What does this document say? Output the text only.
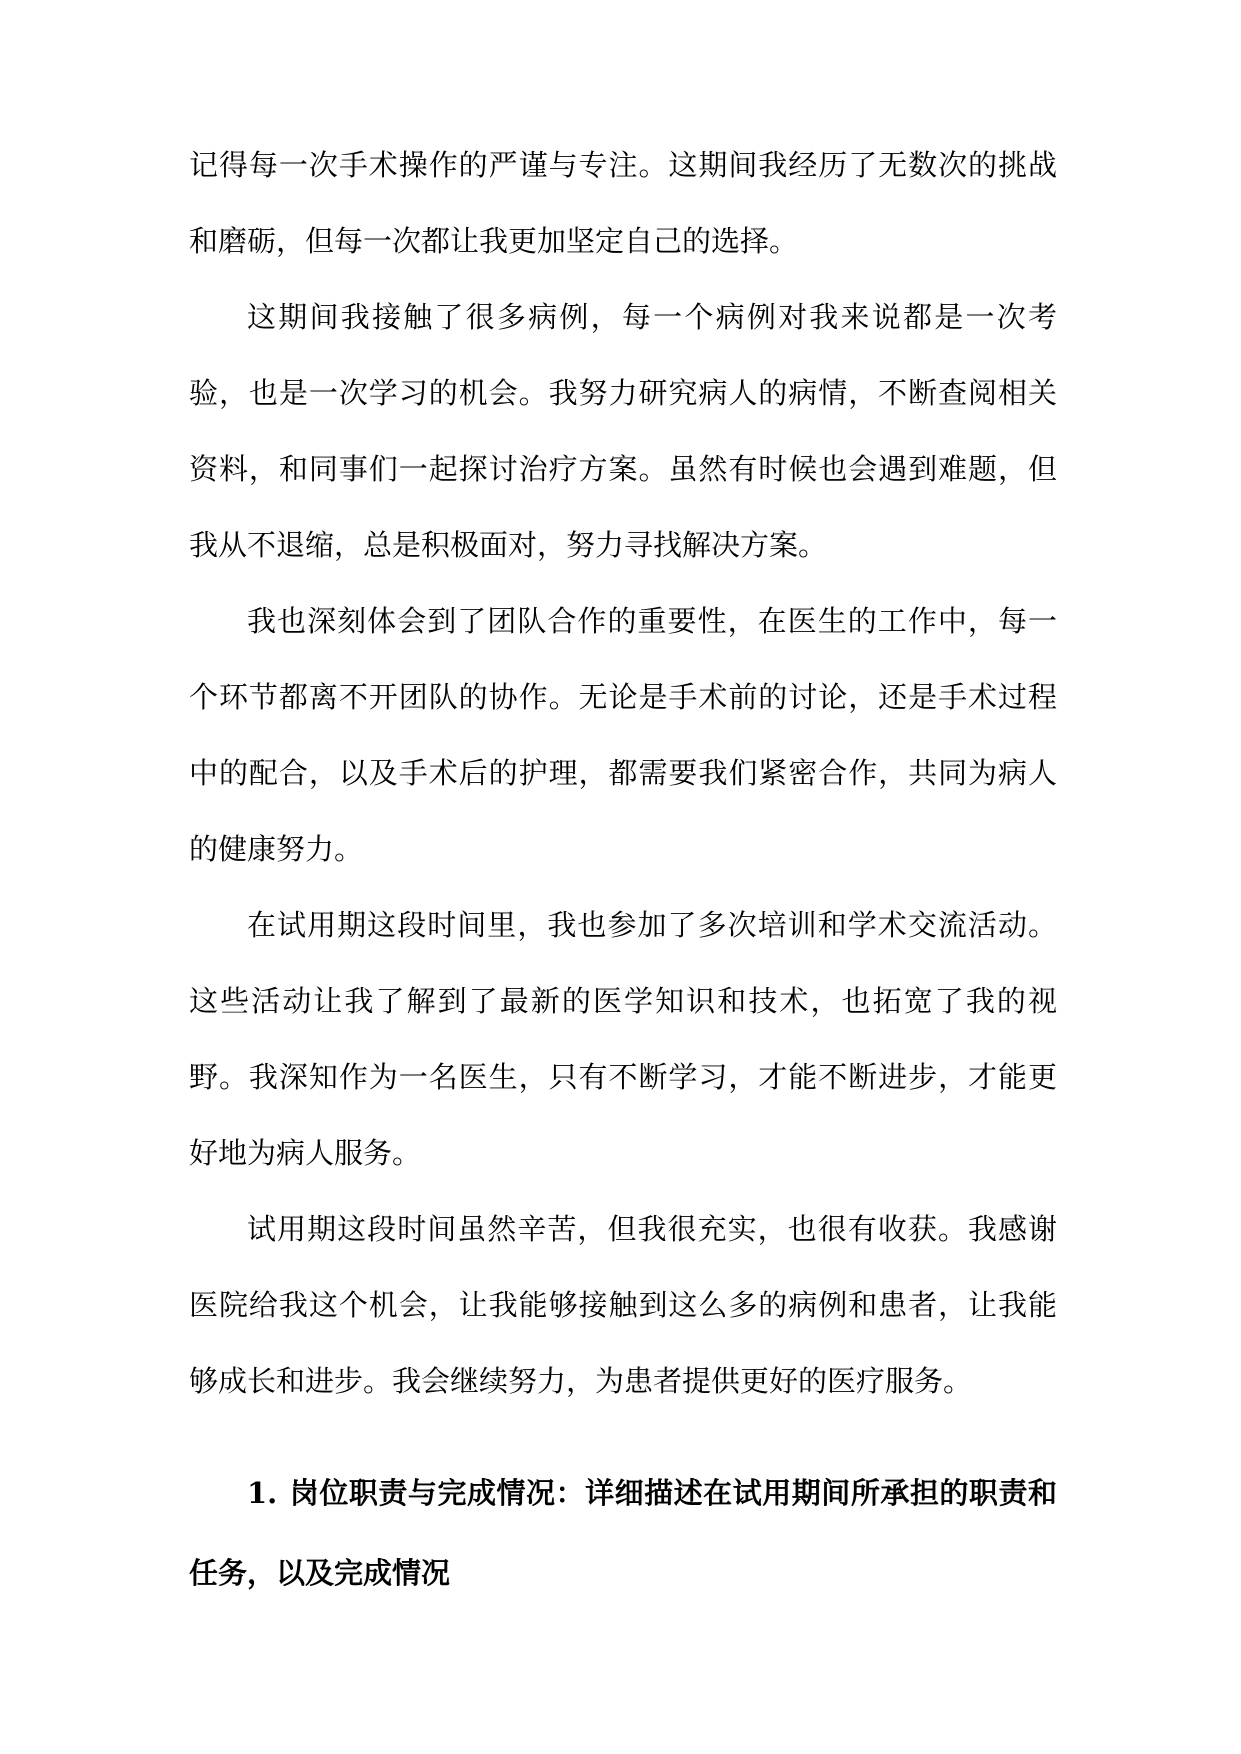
记得每一次手术操作的严谨与专注。这期间我经历了无数次的挑战和磨砺，但每一次都让我更加坚定自己的选择。

这期间我接触了很多病例，每一个病例对我来说都是一次考验，也是一次学习的机会。我努力研究病人的病情，不断查阅相关资料，和同事们一起探讨治疗方案。虽然有时候也会遇到难题，但我从不退缩，总是积极面对，努力寻找解决方案。

我也深刻体会到了团队合作的重要性，在医生的工作中，每一个环节都离不开团队的协作。无论是手术前的讨论，还是手术过程中的配合，以及手术后的护理，都需要我们紧密合作，共同为病人的健康努力。

在试用期这段时间里，我也参加了多次培训和学术交流活动。这些活动让我了解到了最新的医学知识和技术，也拓宽了我的视野。我深知作为一名医生，只有不断学习，才能不断进步，才能更好地为病人服务。

试用期这段时间虽然辛苦，但我很充实，也很有收获。我感谢医院给我这个机会，让我能够接触到这么多的病例和患者，让我能够成长和进步。我会继续努力，为患者提供更好的医疗服务。

1. 岗位职责与完成情况：详细描述在试用期间所承担的职责和任务，以及完成情况
